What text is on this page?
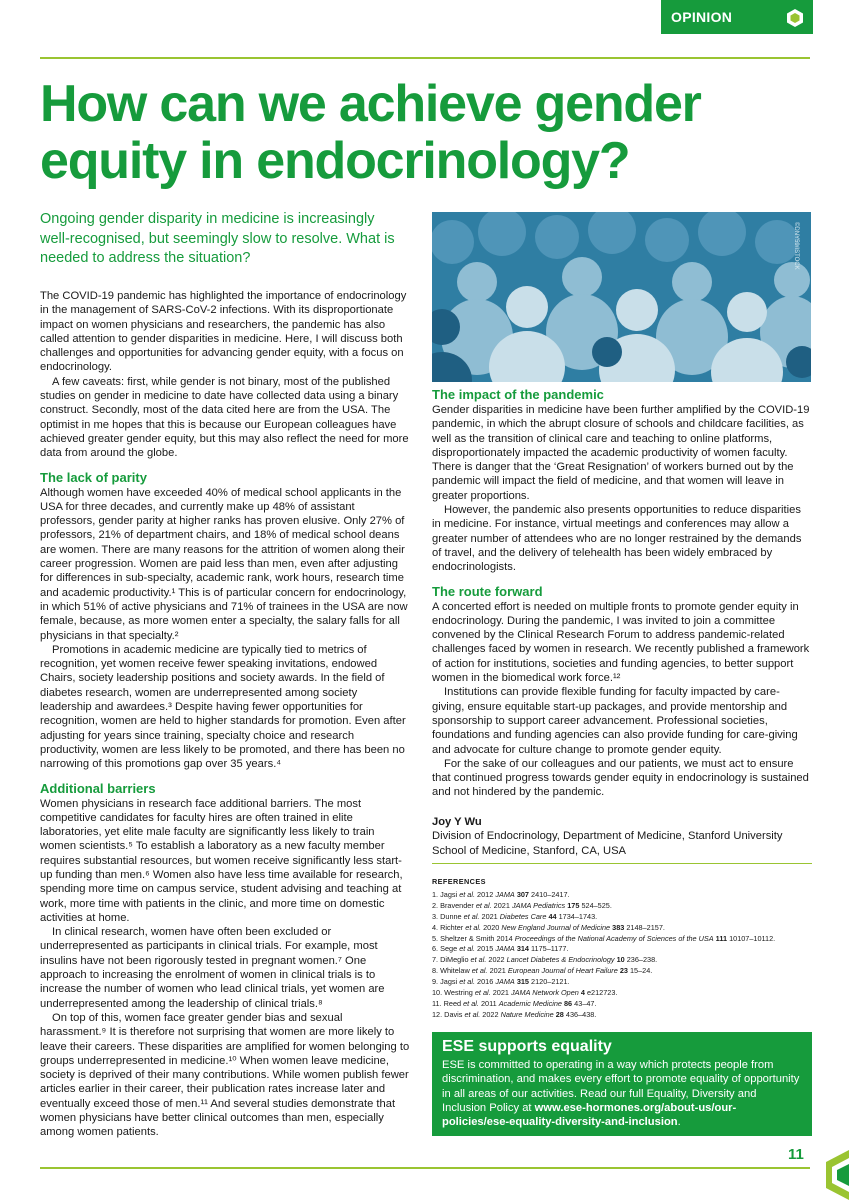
OPINION
How can we achieve gender equity in endocrinology?
Ongoing gender disparity in medicine is increasingly well-recognised, but seemingly slow to resolve. What is needed to address the situation?

The COVID-19 pandemic has highlighted the importance of endocrinology in the management of SARS-CoV-2 infections. With its disproportionate impact on women physicians and researchers, the pandemic has also called attention to gender disparities in medicine. Here, I will discuss both challenges and opportunities for advancing gender equity, with a focus on endocrinology.

A few caveats: first, while gender is not binary, most of the published studies on gender in medicine to date have collected data using a binary construct. Secondly, most of the data cited here are from the USA. The optimist in me hopes that this is because our European colleagues have achieved greater gender equity, but this may also reflect the need for more data from around the globe.

The lack of parity

Although women have exceeded 40% of medical school applicants in the USA for three decades, and currently make up 48% of assistant professors, gender parity at higher ranks has proven elusive. Only 27% of professors, 21% of department chairs, and 18% of medical school deans are women. There are many reasons for the attrition of women along their career progression. Women are paid less than men, even after adjusting for differences in sub-specialty, academic rank, work hours, research time and academic productivity.¹ This is of particular concern for endocrinology, in which 51% of active physicians and 71% of trainees in the USA are now female, because, as more women enter a specialty, the salary falls for all physicians in that specialty.²

Promotions in academic medicine are typically tied to metrics of recognition, yet women receive fewer speaking invitations, endowed Chairs, society leadership positions and society awards. In the field of diabetes research, women are underrepresented among society leadership and awardees.³ Despite having fewer opportunities for recognition, women are held to higher standards for promotion. Even after adjusting for years since training, specialty choice and research productivity, women are less likely to be promoted, and there has been no narrowing of this promotions gap over 35 years.⁴

Additional barriers

Women physicians in research face additional barriers. The most competitive candidates for faculty hires are often trained in elite laboratories, yet elite male faculty are significantly less likely to train women scientists.⁵ To establish a laboratory as a new faculty member requires substantial resources, but women receive significantly less start-up funding than men.⁶ Women also have less time available for research, spending more time on campus service, student advising and teaching at work, more time with patients in the clinic, and more time on domestic activities at home.

In clinical research, women have often been excluded or underrepresented as participants in clinical trials. For example, most insulins have not been rigorously tested in pregnant women.⁷ One approach to increasing the enrolment of women in clinical trials is to increase the number of women who lead clinical trials, yet women are underrepresented among the leadership of clinical trials.⁸

On top of this, women face greater gender bias and sexual harassment.⁹ It is therefore not surprising that women are more likely to leave their careers. These disparities are amplified for women belonging to groups underrepresented in medicine.¹⁰ When women leave medicine, society is deprived of their many contributions. While women publish fewer articles earlier in their career, their publication rates increase later and eventually exceed those of men.¹¹ And several studies demonstrate that women physicians have better clinical outcomes than men, especially among women patients.

©DNY59/ISTOCK
The impact of the pandemic

Gender disparities in medicine have been further amplified by the COVID-19 pandemic, in which the abrupt closure of schools and childcare facilities, as well as the transition of clinical care and teaching to online platforms, disproportionately impacted the academic productivity of women faculty. There is danger that the ‘Great Resignation’ of workers burned out by the pandemic will impact the field of medicine, and that women will leave in greater proportions.

However, the pandemic also presents opportunities to reduce disparities in medicine. For instance, virtual meetings and conferences may allow a greater number of attendees who are no longer restrained by the demands of travel, and the delivery of telehealth has been widely embraced by endocrinologists.

The route forward

A concerted effort is needed on multiple fronts to promote gender equity in endocrinology. During the pandemic, I was invited to join a committee convened by the Clinical Research Forum to address pandemic-related challenges faced by women in research. We recently published a framework of action for institutions, societies and funding agencies, to better support women in the biomedical work force.¹²

Institutions can provide flexible funding for faculty impacted by care-giving, ensure equitable start-up packages, and provide mentorship and sponsorship to support career advancement. Professional societies, foundations and funding agencies can also provide funding for care-giving and advocate for culture change to promote gender equity.

For the sake of our colleagues and our patients, we must act to ensure that continued progress towards gender equity in endocrinology is sustained and not hindered by the pandemic.

Joy Y Wu
Division of Endocrinology, Department of Medicine, Stanford University School of Medicine, Stanford, CA, USA
REFERENCES
1. Jagsi et al. 2012 JAMA 307 2410–2417.
2. Bravender et al. 2021 JAMA Pediatrics 175 524–525.
3. Dunne et al. 2021 Diabetes Care 44 1734–1743.
4. Richter et al. 2020 New England Journal of Medicine 383 2148–2157.
5. Sheltzer & Smith 2014 Proceedings of the National Academy of Sciences of the USA 111 10107–10112.
6. Sege et al. 2015 JAMA 314 1175–1177.
7. DiMeglio et al. 2022 Lancet Diabetes & Endocrinology 10 236–238.
8. Whitelaw et al. 2021 European Journal of Heart Failure 23 15–24.
9. Jagsi et al. 2016 JAMA 315 2120–2121.
10. Westring et al. 2021 JAMA Network Open 4 e212723.
11. Reed et al. 2011 Academic Medicine 86 43–47.
12. Davis et al. 2022 Nature Medicine 28 436–438.
ESE supports equality
ESE is committed to operating in a way which protects people from discrimination, and makes every effort to promote equality of opportunity in all areas of our activities. Read our full Equality, Diversity and Inclusion Policy at www.ese-hormones.org/about-us/our-policies/ese-equality-diversity-and-inclusion.
11
